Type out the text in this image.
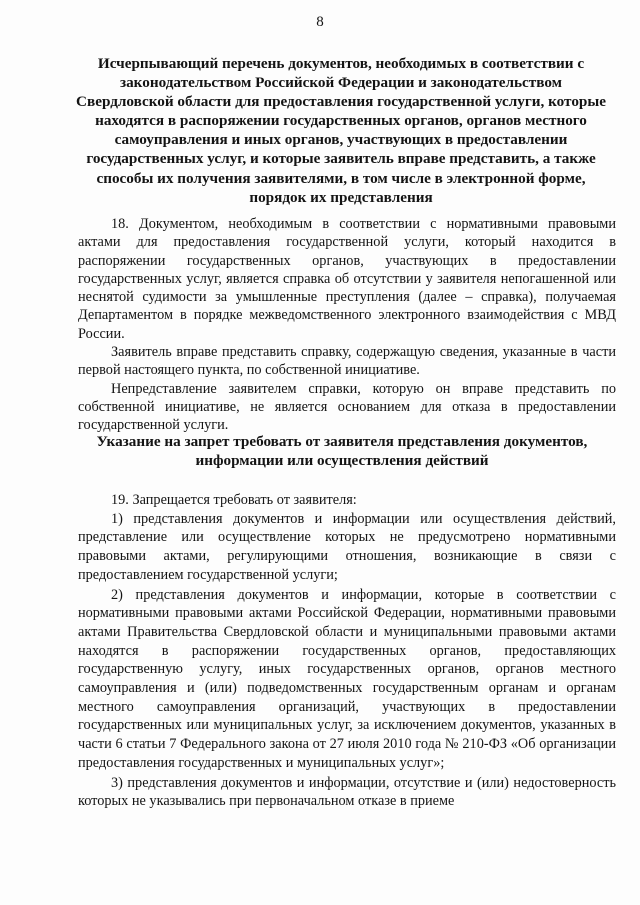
8
Исчерпывающий перечень документов, необходимых в соответствии с законодательством Российской Федерации и законодательством Свердловской области для предоставления государственной услуги, которые находятся в распоряжении государственных органов, органов местного самоуправления и иных органов, участвующих в предоставлении государственных услуг, и которые заявитель вправе представить, а также способы их получения заявителями, в том числе в электронной форме, порядок их представления

18. Документом, необходимым в соответствии с нормативными правовыми актами для предоставления государственной услуги, который находится в распоряжении государственных органов, участвующих в предоставлении государственных услуг, является справка об отсутствии у заявителя непогашенной или неснятой судимости за умышленные преступления (далее – справка), получаемая Департаментом в порядке межведомственного электронного взаимодействия с МВД России.

Заявитель вправе представить справку, содержащую сведения, указанные в части первой настоящего пункта, по собственной инициативе.

Непредставление заявителем справки, которую он вправе представить по собственной инициативе, не является основанием для отказа в предоставлении государственной услуги.

Указание на запрет требовать от заявителя представления документов, информации или осуществления действий

19. Запрещается требовать от заявителя:

1) представления документов и информации или осуществления действий, представление или осуществление которых не предусмотрено нормативными правовыми актами, регулирующими отношения, возникающие в связи с предоставлением государственной услуги;

2) представления документов и информации, которые в соответствии с нормативными правовыми актами Российской Федерации, нормативными правовыми актами Правительства Свердловской области и муниципальными правовыми актами находятся в распоряжении государственных органов, предоставляющих государственную услугу, иных государственных органов, органов местного самоуправления и (или) подведомственных государственным органам и органам местного самоуправления организаций, участвующих в предоставлении государственных или муниципальных услуг, за исключением документов, указанных в части 6 статьи 7 Федерального закона от 27 июля 2010 года № 210-ФЗ «Об организации предоставления государственных и муниципальных услуг»;

3) представления документов и информации, отсутствие и (или) недостоверность которых не указывались при первоначальном отказе в приеме
